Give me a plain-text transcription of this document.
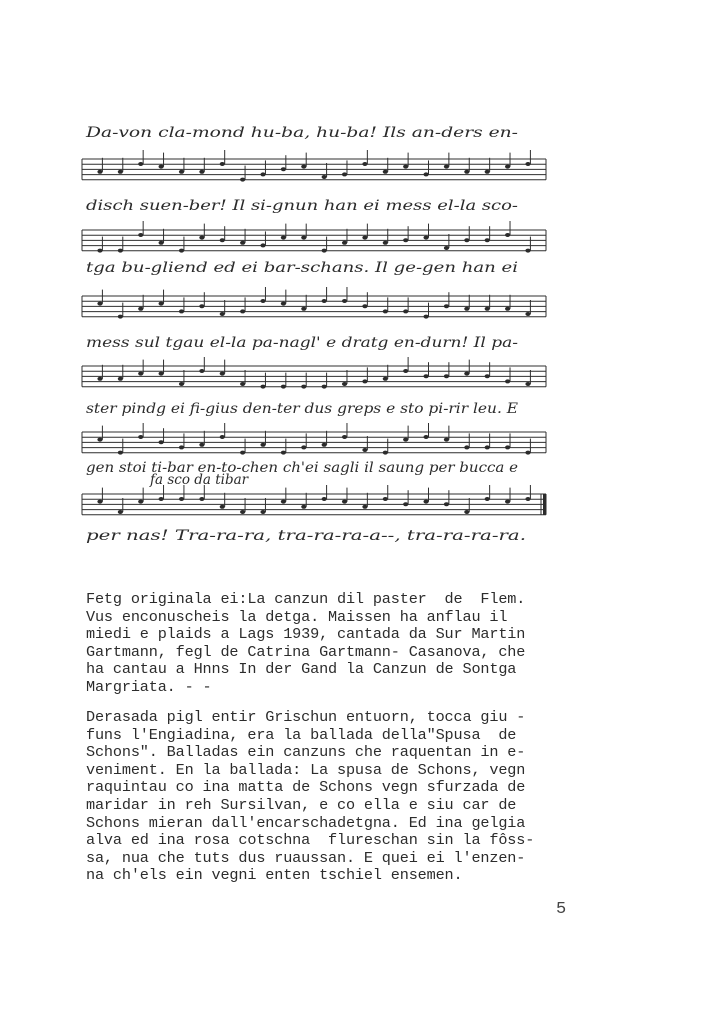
Da-von cla-mond hu-ba, hu-ba! Ils an-ders en-
disch suen-ber! Il si-gnun han ei mess el-la sco-
tga bu-gliend ed ei bar-schans. Il ge-gen han ei
mess sul tgau el-la pa-nagl' e dratg en-durn! Il pa-
ster pindg ei fi-gius den-ter dus greps e sto pi-rir leu. E
gen stoi ti-bar en-to-chen ch'ei sagli il saung per bucca e
per nas! Tra-ra-ra, tra-ra-ra-a--, tra-ra-ra-ra.
fa sco da tibar
Fetg originala ei:La canzun dil paster  de  Flem.
Vus enconuscheis la detga. Maissen ha anflau il
miedi e plaids a Lags 1939, cantada da Sur Martin
Gartmann, fegl de Catrina Gartmann- Casanova, che
ha cantau a Hnns In der Gand la Canzun de Sontga
Margriata. - -
Derasada pigl entir Grischun entuorn, tocca giu -
funs l'Engiadina, era la ballada della"Spusa  de
Schons". Balladas ein canzuns che raquentan in e-
veniment. En la ballada: La spusa de Schons, vegn
raquintau co ina matta de Schons vegn sfurzada de
maridar in reh Sursilvan, e co ella e siu car de
Schons mieran dall'encarschadetgna. Ed ina gelgia
alva ed ina rosa cotschna  flureschan sin la fôss-
sa, nua che tuts dus ruaussan. E quei ei l'enzen-
na ch'els ein vegni enten tschiel ensemen.
5
